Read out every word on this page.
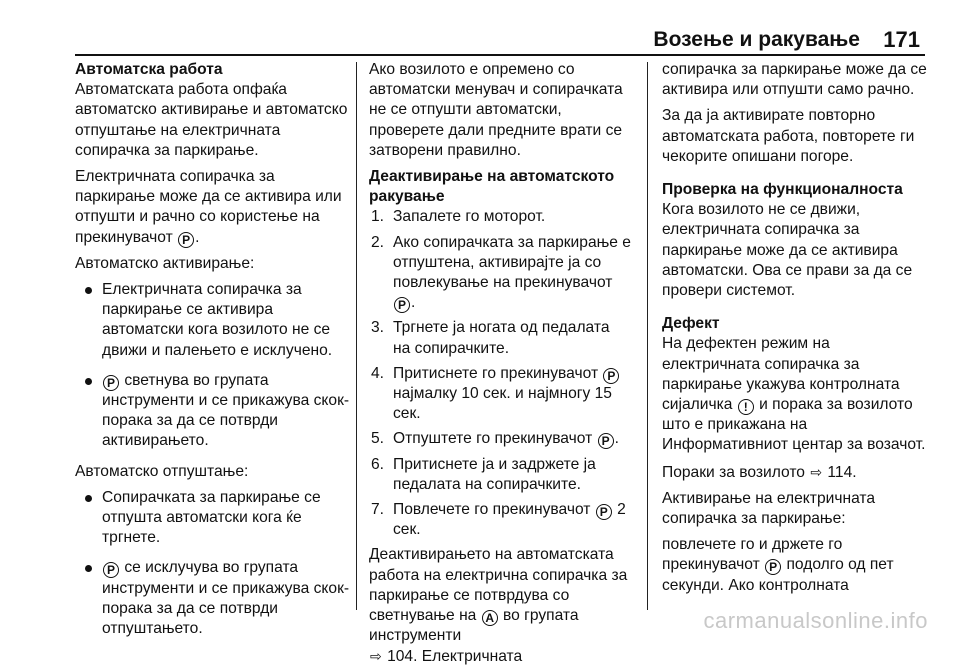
Возење и ракување 171
Автоматска работа
Автоматската работа опфаќа автоматско активирање и автоматско отпуштање на електричната сопирачка за паркирање.
Електричната сопирачка за паркирање може да се активира или отпушти и рачно со користење на прекинувачот P .
Автоматско активирање:
Електричната сопирачка за паркирање се активира автоматски кога возилото не се движи и палењето е исклучено.
P светнува во групата инструменти и се прикажува скок-порака за да се потврди активирањето.
Автоматско отпуштање:
Сопирачката за паркирање се отпушта автоматски кога ќе тргнете.
P се исклучува во групата инструменти и се прикажува скок-порака за да се потврди отпуштањето.
Ако возилото е опремено со автоматски менувач и сопирачката не се отпушти автоматски, проверете дали предните врати се затворени правилно.
Деактивирање на автоматското ракување
1. Запалете го моторот.
2. Ако сопирачката за паркирање е отпуштена, активирајте ја со повлекување на прекинувачот P .
3. Тргнете ја ногата од педалата на сопирачките.
4. Притиснете го прекинувачот P најмалку 10 сек. и најмногу 15 сек.
5. Отпуштете го прекинувачот P .
6. Притиснете ја и задржете ја педалата на сопирачките.
7. Повлечете го прекинувачот P 2 сек.
Деактивирањето на автоматската работа на електрична сопирачка за паркирање се потврдува со
светнување на A во групата инструменти
⇨ 104. Електричната
сопирачка за паркирање може да се активира или отпушти само рачно.
За да ја активирате повторно автоматската работа, повторете ги чекорите опишани погоре.
Проверка на функционалноста
Кога возилото не се движи, електричната сопирачка за паркирање може да се активира автоматски. Ова се прави за да се провери системот.
Дефект
На дефектен режим на електричната сопирачка за паркирање укажува контролната сијаличка ! и порака за возилото што е прикажана на Информативниот центар за возачот.
Пораки за возилото ⇨ 114.
Активирање на електричната сопирачка за паркирање:
повлечете го и држете го прекинувачот P подолго од пет секунди. Ако контролната
carmanualsonline.info
